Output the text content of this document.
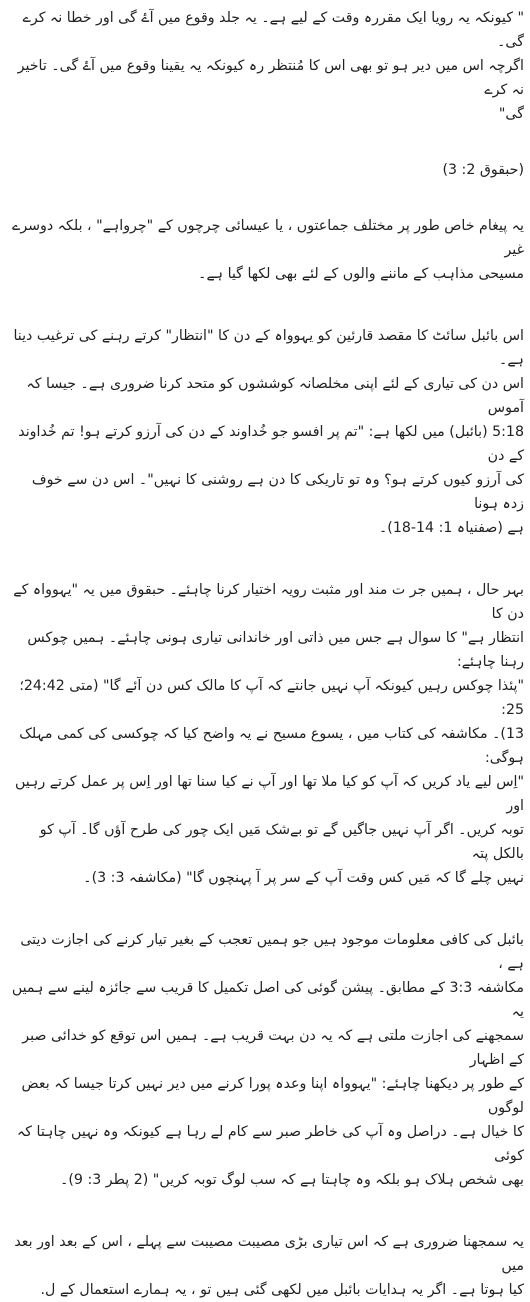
" کیونکہ یہ رویا ایک مقررہ وقت کے لیے ہے۔ یہ جلد وقوع میں آۓ گی اور خطا نہ کرے گی۔

اگرچہ اس میں دیر ہو تو بھی اس کا مُنتظر رہ کیونکہ یہ یقینا وقوع میں آۓ گی۔ تاخیر نہ کرے

گی"

(حبقوق 2: 3)

یہ پیغام خاص طور پر مختلف جماعتوں ، یا عیسائی چرچوں کے "چرواہے" ، بلکہ دوسرے غیر

مسیحی مذاہب کے ماننے والوں کے لئے بھی لکھا گیا ہے۔

اس بائبل سائٹ کا مقصد قارئین کو یہوواہ کے دن کا "انتظار" کرتے رہنے کی ترغیب دینا ہے۔

اس دن کی تیاری کے لئے اپنی مخلصانہ کوششوں کو متحد کرنا ضروری ہے۔ جیسا کہ آموس

5:18 (بائبل) میں لکھا ہے: "تم پر افسو جو خُداوند کے دن کی آرزو کرتے ہو! تم خُداوند کے دن

کی آرزو کیوں کرتے ہو؟ وہ تو تاریکی کا دن ہے روشنی کا نہیں"۔ اس دن سے خوف زدہ ہونا

ہے (صفنیاہ 1: 14-18)۔

بہر حال ، ہمیں جر ت مند اور مثبت رویہ اختیار کرنا چاہئے۔ حبقوق میں یہ "یہوواہ کے دن کا

انتظار ہے" کا سوال ہے جس میں ذاتی اور خاندانی تیاری ہونی چاہئے۔ ہمیں چوکس رہنا چاہئے:

"پئذا چوکس رہیں کیونکہ آپ نہیں جانتے کہ آپ کا مالک کس دن آئے گا" (متی 24:42؛ 25:

13)۔ مکاشفہ کی کتاب میں ، یسوع مسیح نے یہ واضح کیا کہ چوکسی کی کمی مہلک ہوگی:

"اِس لیے یاد کریں کہ آپ کو کیا ملا تھا اور آپ نے کیا سنا تھا اور اِس پر عمل کرتے رہیں اور

توبہ کریں۔ اگر آپ نہیں جاگیں گے تو بےشک مَیں ایک چور کی طرح آؤں گا۔ آپ کو بالکل پتہ

نہیں چلے گا کہ مَیں کس وقت آپ کے سر پر آ پہنچوں گا" (مکاشفہ 3: 3)۔

بائبل کی کافی معلومات موجود ہیں جو ہمیں تعجب کے بغیر تیار کرنے کی اجازت دیتی ہے ،

مکاشفہ 3:3 کے مطابق۔ پیشن گوئی کی اصل تکمیل کا قریب سے جائزہ لینے سے ہمیں یہ

سمجھنے کی اجازت ملتی ہے کہ یہ دن بہت قریب ہے۔ ہمیں اس توقع کو خدائی صبر کے اظہار

کے طور پر دیکھنا چاہئے: "یہوواہ اپنا وعدہ پورا کرنے میں دیر نہیں کرتا جیسا کہ بعض لوگوں

کا خیال ہے۔ دراصل وہ آپ کی خاطر صبر سے کام لے رہا ہے کیونکہ وہ نہیں چاہتا کہ کوئی

بھی شخص ہلاک ہو بلکہ وہ چاہتا ہے کہ سب لوگ توبہ کریں" (2 پطر 3: 9)۔

یہ سمجھنا ضروری ہے کہ اس تیاری بڑی مصیبت مصیبت سے پہلے ، اس کے بعد اور بعد میں

کیا ہوتا ہے۔ اگر یہ ہدایات بائبل میں لکھی گئی ہیں تو ، یہ ہمارے استعمال کے ل.
